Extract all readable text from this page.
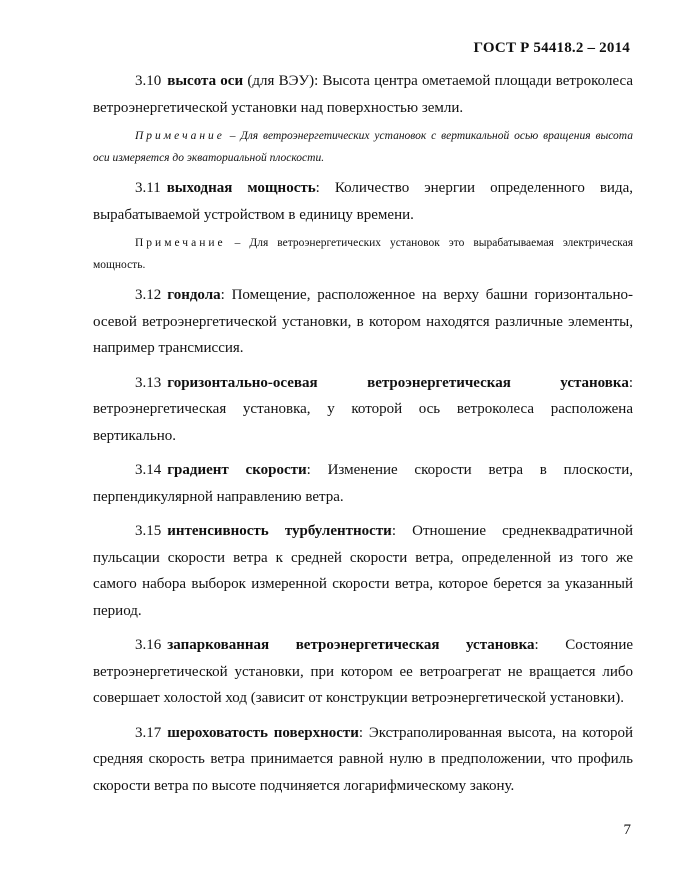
ГОСТ Р 54418.2 – 2014

3.10 высота оси (для ВЭУ): Высота центра ометаемой площади ветроколеса ветроэнергетической установки над поверхностью земли.

Примечание – Для ветроэнергетических установок с вертикальной осью вращения высота оси измеряется до экваториальной плоскости.

3.11 выходная мощность: Количество энергии определенного вида, вырабатываемой устройством в единицу времени.

Примечание – Для ветроэнергетических установок это вырабатываемая электрическая мощность.

3.12 гондола: Помещение, расположенное на верху башни горизонтально-осевой ветроэнергетической установки, в котором находятся различные элементы, например трансмиссия.

3.13 горизонтально-осевая ветроэнергетическая установка:

ветроэнергетическая установка, у которой ось ветроколеса расположена вертикально.

3.14 градиент скорости: Изменение скорости ветра в плоскости, перпендикулярной направлению ветра.

3.15 интенсивность турбулентности: Отношение среднеквадратичной пульсации скорости ветра к средней скорости ветра, определенной из того же самого набора выборок измеренной скорости ветра, которое берется за указанный период.

3.16 запаркованная ветроэнергетическая установка: Состояние ветроэнергетической установки, при котором ее ветроагрегат не вращается либо совершает холостой ход (зависит от конструкции ветроэнергетической установки).

3.17 шероховатость поверхности: Экстраполированная высота, на которой средняя скорость ветра принимается равной нулю в предположении, что профиль скорости ветра по высоте подчиняется логарифмическому закону.

7
